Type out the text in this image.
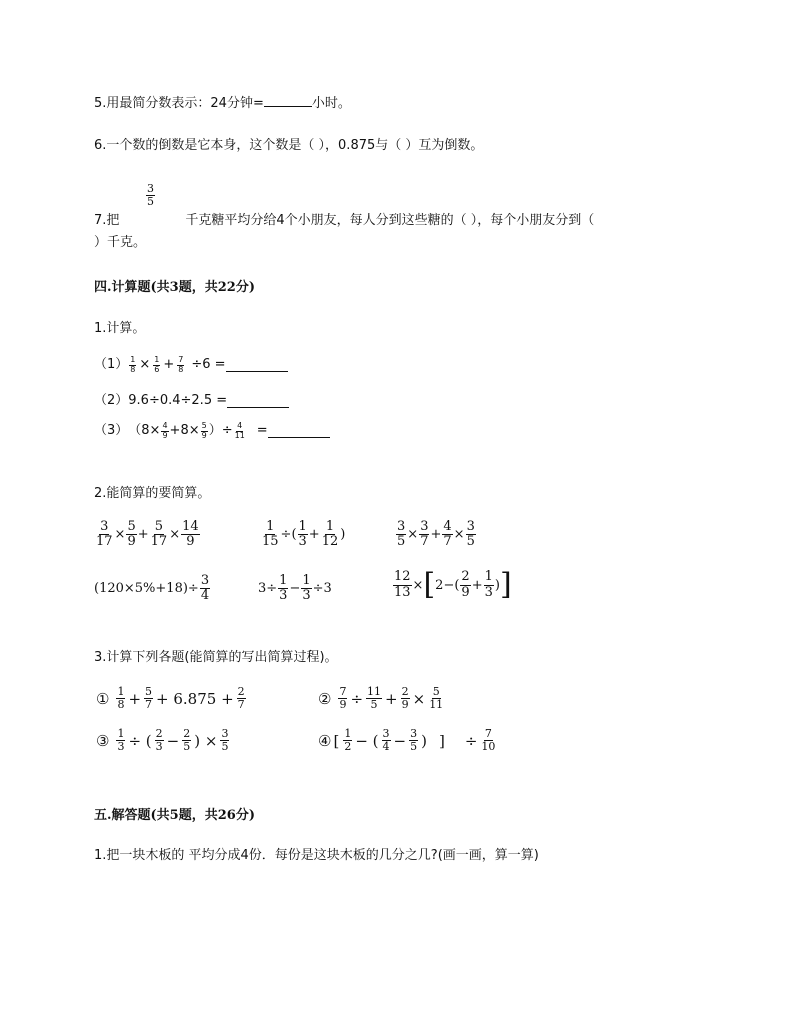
5.用最简分数表示：24分钟=	小时。
6.一个数的倒数是它本身，这个数是（ ），0.875与（ ）互为倒数。
$\frac{3}{5}$
7.把	千克糖平均分给4个小朋友，每人分到这些糖的（ ），每个小朋友分到（
）千克。
四.计算题(共3题，共22分)
1.计算。
$(1) \frac{1}{8} \times \frac{1}{6} + \frac{7}{8} \div 6$ =
（2） 9.6÷0.4÷2.5 =
（3） （$8\times \frac{4}{9} +8\times \frac{5}{9}$ ）÷ $\frac{4}{11}$ =
2.能简算的要简算。
$\frac{3}{17} \times \frac{5}{9} + \frac{5}{17} \times \frac{14}{9}$	$\frac{1}{15}$ ÷( $\frac{1}{3} + \frac{1}{12}$ )	$\frac{3}{5} \times \frac{3}{7} + \frac{4}{7} \times \frac{3}{5}$
$(120\times 5\%+18)\div \frac{3}{4}$	$3\div \frac{1}{3} - \frac{1}{3} \div 3$	$\frac{12}{13}$ × [ $2-( \frac{2}{9} + \frac{1}{3}$ ) ]
3.计算下列各题(能简算的写出简算过程)。
① $\frac{1}{8} + \frac{5}{7} + 6.875 + \frac{2}{7}$	② $\frac{7}{9} \div \frac{11}{5} + \frac{2}{9} \times \frac{5}{11}$
③ $\frac{1}{3}$ ÷ ( $\frac{2}{3} - \frac{2}{5}$ ) × $\frac{3}{5}$	④ [ $\frac{1}{2}$ − ( $\frac{3}{4} - \frac{3}{5}$ ) ] ÷ $\frac{7}{10}$
五.解答题(共5题，共26分)
1.把一块木板的 平均分成4份．每份是这块木板的几分之几?(画一画，算一算)
